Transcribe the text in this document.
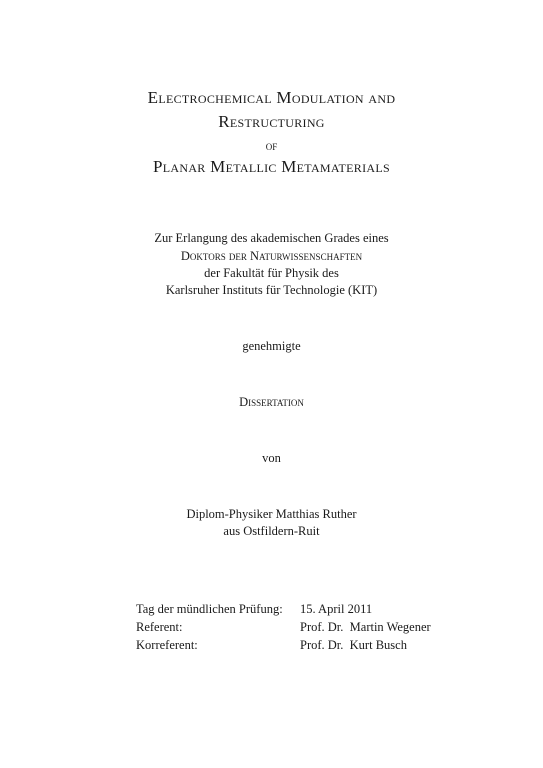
Electrochemical Modulation and
Restructuring
of
Planar Metallic Metamaterials
Zur Erlangung des akademischen Grades eines
Doktors der Naturwissenschaften
der Fakultät für Physik des
Karlsruher Instituts für Technologie (KIT)
genehmigte
Dissertation
von
Diplom-Physiker Matthias Ruther
aus Ostfildern-Ruit
Tag der mündlichen Prüfung:	15. April 2011
Referent:	Prof. Dr.  Martin Wegener
Korreferent:	Prof. Dr.  Kurt Busch
